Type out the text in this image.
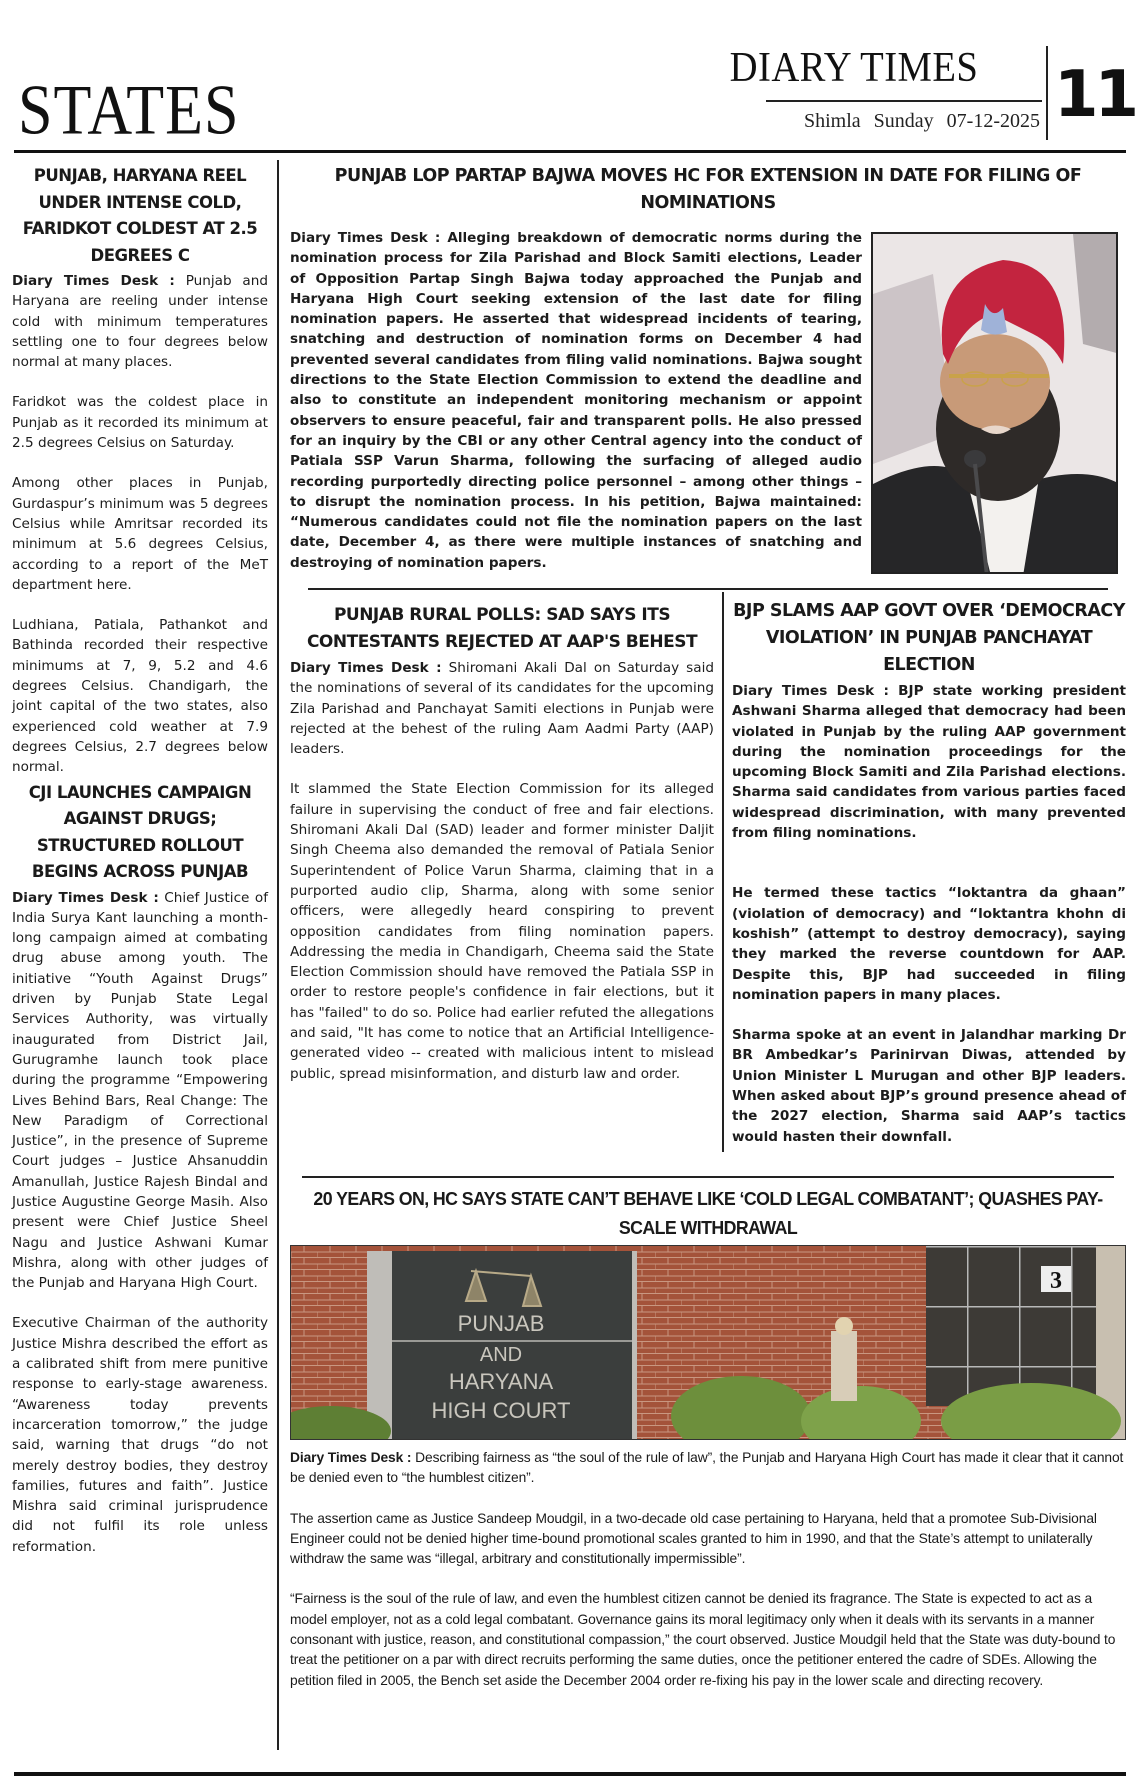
STATES
DIARY TIMES
Shimla Sunday 07-12-2025 11
PUNJAB, HARYANA REEL UNDER INTENSE COLD, FARIDKOT COLDEST AT 2.5 DEGREES C

Diary Times Desk : Punjab and Haryana are reeling under intense cold with minimum temperatures settling one to four degrees below normal at many places.

Faridkot was the coldest place in Punjab as it recorded its minimum at 2.5 degrees Celsius on Saturday.

Among other places in Punjab, Gurdaspur’s minimum was 5 degrees Celsius while Amritsar recorded its minimum at 5.6 degrees Celsius, according to a report of the MeT department here.

Ludhiana, Patiala, Pathankot and Bathinda recorded their respective minimums at 7, 9, 5.2 and 4.6 degrees Celsius. Chandigarh, the joint capital of the two states, also experienced cold weather at 7.9 degrees Celsius, 2.7 degrees below normal.

CJI LAUNCHES CAMPAIGN AGAINST DRUGS; STRUCTURED ROLLOUT BEGINS ACROSS PUNJAB

Diary Times Desk : Chief Justice of India Surya Kant launching a month-long campaign aimed at combating drug abuse among youth. The initiative “Youth Against Drugs” driven by Punjab State Legal Services Authority, was virtually inaugurated from District Jail, Gurugramhe launch took place during the programme “Empowering Lives Behind Bars, Real Change: The New Paradigm of Correctional Justice”, in the presence of Supreme Court judges – Justice Ahsanuddin Amanullah, Justice Rajesh Bindal and Justice Augustine George Masih. Also present were Chief Justice Sheel Nagu and Justice Ashwani Kumar Mishra, along with other judges of the Punjab and Haryana High Court.

Executive Chairman of the authority Justice Mishra described the effort as a calibrated shift from mere punitive response to early-stage awareness. “Awareness today prevents incarceration tomorrow,” the judge said, warning that drugs “do not merely destroy bodies, they destroy families, futures and faith”. Justice Mishra said criminal jurisprudence did not fulfil its role unless reformation.

PUNJAB LOP PARTAP BAJWA MOVES HC FOR EXTENSION IN DATE FOR FILING OF NOMINATIONS
Diary Times Desk : Alleging breakdown of democratic norms during the nomination process for Zila Parishad and Block Samiti elections, Leader of Opposition Partap Singh Bajwa today approached the Punjab and Haryana High Court seeking extension of the last date for filing nomination papers. He asserted that widespread incidents of tearing, snatching and destruction of nomination forms on December 4 had prevented several candidates from filing valid nominations. Bajwa sought directions to the State Election Commission to extend the deadline and also to constitute an independent monitoring mechanism or appoint observers to ensure peaceful, fair and transparent polls. He also pressed for an inquiry by the CBI or any other Central agency into the conduct of Patiala SSP Varun Sharma, following the surfacing of alleged audio recording purportedly directing police personnel – among other things – to disrupt the nomination process. In his petition, Bajwa maintained: “Numerous candidates could not file the nomination papers on the last date, December 4, as there were multiple instances of snatching and destroying of nomination papers.
PUNJAB RURAL POLLS: SAD SAYS ITS CONTESTANTS REJECTED AT AAP'S BEHEST

Diary Times Desk : Shiromani Akali Dal on Saturday said the nominations of several of its candidates for the upcoming Zila Parishad and Panchayat Samiti elections in Punjab were rejected at the behest of the ruling Aam Aadmi Party (AAP) leaders.

It slammed the State Election Commission for its alleged failure in supervising the conduct of free and fair elections. Shiromani Akali Dal (SAD) leader and former minister Daljit Singh Cheema also demanded the removal of Patiala Senior Superintendent of Police Varun Sharma, claiming that in a purported audio clip, Sharma, along with some senior officers, were allegedly heard conspiring to prevent opposition candidates from filing nomination papers. Addressing the media in Chandigarh, Cheema said the State Election Commission should have removed the Patiala SSP in order to restore people's confidence in fair elections, but it has "failed" to do so. Police had earlier refuted the allegations and said, "It has come to notice that an Artificial Intelligence-generated video -- created with malicious intent to mislead public, spread misinformation, and disturb law and order.

BJP SLAMS AAP GOVT OVER ‘DEMOCRACY VIOLATION’ IN PUNJAB PANCHAYAT ELECTION

Diary Times Desk : BJP state working president Ashwani Sharma alleged that democracy had been violated in Punjab by the ruling AAP government during the nomination proceedings for the upcoming Block Samiti and Zila Parishad elections. Sharma said candidates from various parties faced widespread discrimination, with many prevented from filing nominations.

He termed these tactics “loktantra da ghaan” (violation of democracy) and “loktantra khohn di koshish” (attempt to destroy democracy), saying they marked the reverse countdown for AAP. Despite this, BJP had succeeded in filing nomination papers in many places.

Sharma spoke at an event in Jalandhar marking Dr BR Ambedkar’s Parinirvan Diwas, attended by Union Minister L Murugan and other BJP leaders. When asked about BJP’s ground presence ahead of the 2027 election, Sharma said AAP’s tactics would hasten their downfall.

20 YEARS ON, HC SAYS STATE CAN’T BEHAVE LIKE ‘COLD LEGAL COMBATANT’; QUASHES PAY-SCALE WITHDRAWAL
PUNJAB
AND
HARYANA
HIGH COURT
3

Diary Times Desk : Describing fairness as “the soul of the rule of law”, the Punjab and Haryana High Court has made it clear that it cannot be denied even to “the humblest citizen”.

The assertion came as Justice Sandeep Moudgil, in a two-decade old case pertaining to Haryana, held that a promotee Sub-Divisional Engineer could not be denied higher time-bound promotional scales granted to him in 1990, and that the State’s attempt to unilaterally withdraw the same was “illegal, arbitrary and constitutionally impermissible”.

“Fairness is the soul of the rule of law, and even the humblest citizen cannot be denied its fragrance. The State is expected to act as a model employer, not as a cold legal combatant. Governance gains its moral legitimacy only when it deals with its servants in a manner consonant with justice, reason, and constitutional compassion,” the court observed. Justice Moudgil held that the State was duty-bound to treat the petitioner on a par with direct recruits performing the same duties, once the petitioner entered the cadre of SDEs. Allowing the petition filed in 2005, the Bench set aside the December 2004 order re-fixing his pay in the lower scale and directing recovery.
